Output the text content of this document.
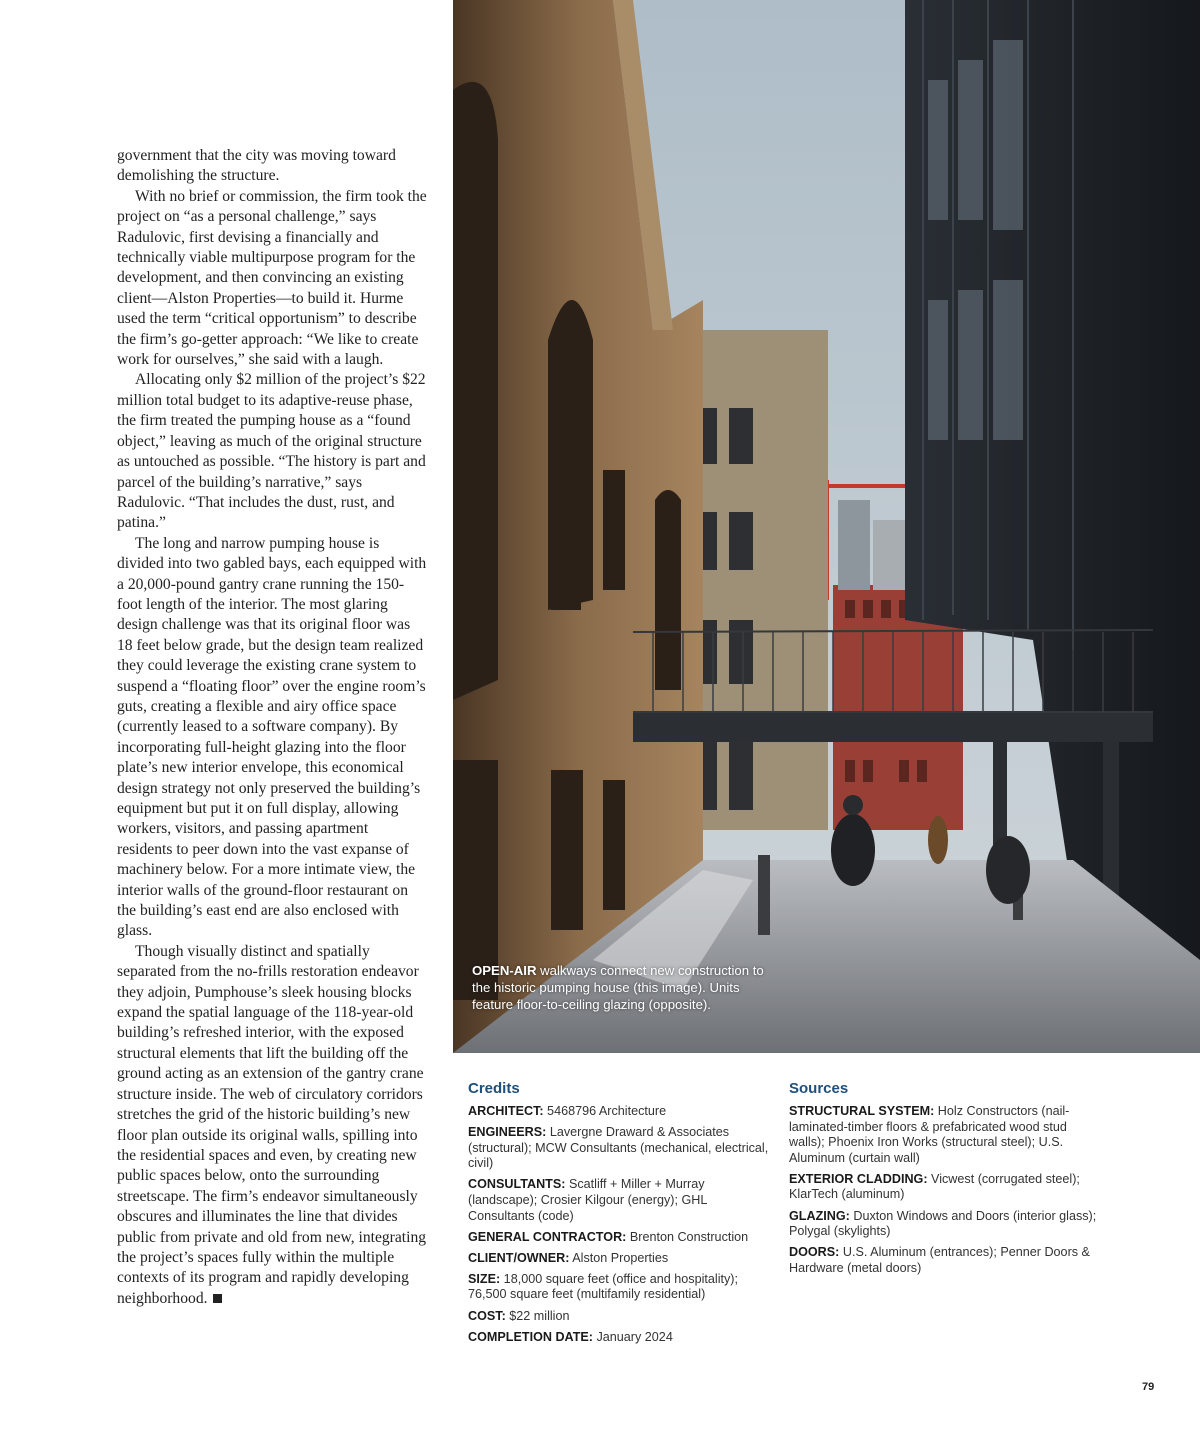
government that the city was moving toward demolishing the structure.

With no brief or commission, the firm took the project on “as a personal challenge,” says Radulovic, first devising a financially and technically viable multipurpose program for the development, and then convincing an existing client—Alston Properties—to build it. Hurme used the term “critical opportunism” to describe the firm’s go-getter approach: “We like to create work for ourselves,” she said with a laugh.

Allocating only $2 million of the project’s $22 million total budget to its adaptive-reuse phase, the firm treated the pumping house as a “found object,” leaving as much of the original structure as untouched as possible. “The history is part and parcel of the building’s narrative,” says Radulovic. “That includes the dust, rust, and patina.”

The long and narrow pumping house is divided into two gabled bays, each equipped with a 20,000-pound gantry crane running the 150-foot length of the interior. The most glaring design challenge was that its original floor was 18 feet below grade, but the design team realized they could leverage the existing crane system to suspend a “floating floor” over the engine room’s guts, creating a flexible and airy office space (currently leased to a software company). By incorporating full-height glazing into the floor plate’s new interior envelope, this economical design strategy not only preserved the building’s equipment but put it on full display, allowing workers, visitors, and passing apartment residents to peer down into the vast expanse of machinery below. For a more intimate view, the interior walls of the ground-floor restaurant on the building’s east end are also enclosed with glass.

Though visually distinct and spatially separated from the no-frills restoration endeavor they adjoin, Pumphouse’s sleek housing blocks expand the spatial language of the 118-year-old building’s refreshed interior, with the exposed structural elements that lift the building off the ground acting as an extension of the gantry crane structure inside. The web of circulatory corridors stretches the grid of the historic building’s new floor plan outside its original walls, spilling into the residential spaces and even, by creating new public spaces below, onto the surrounding streetscape. The firm’s endeavor simultaneously obscures and illuminates the line that divides public from private and old from new, integrating the project’s spaces fully within the multiple contexts of its program and rapidly developing neighborhood.

OPEN-AIR walkways connect new construction to the historic pumping house (this image). Units feature floor-to-ceiling glazing (opposite).
Credits
ARCHITECT: 5468796 Architecture
ENGINEERS: Lavergne Draward & Associates (structural); MCW Consultants (mechanical, electrical, civil)
CONSULTANTS: Scatliff + Miller + Murray (landscape); Crosier Kilgour (energy); GHL Consultants (code)
GENERAL CONTRACTOR: Brenton Construction
CLIENT/OWNER: Alston Properties
SIZE: 18,000 square feet (office and hospitality); 76,500 square feet (multifamily residential)
COST: $22 million
COMPLETION DATE: January 2024
Sources
STRUCTURAL SYSTEM: Holz Constructors (nail-laminated-timber floors & prefabricated wood stud walls); Phoenix Iron Works (structural steel); U.S. Aluminum (curtain wall)
EXTERIOR CLADDING: Vicwest (corrugated steel); KlarTech (aluminum)
GLAZING: Duxton Windows and Doors (interior glass); Polygal (skylights)
DOORS: U.S. Aluminum (entrances); Penner Doors & Hardware (metal doors)
79
